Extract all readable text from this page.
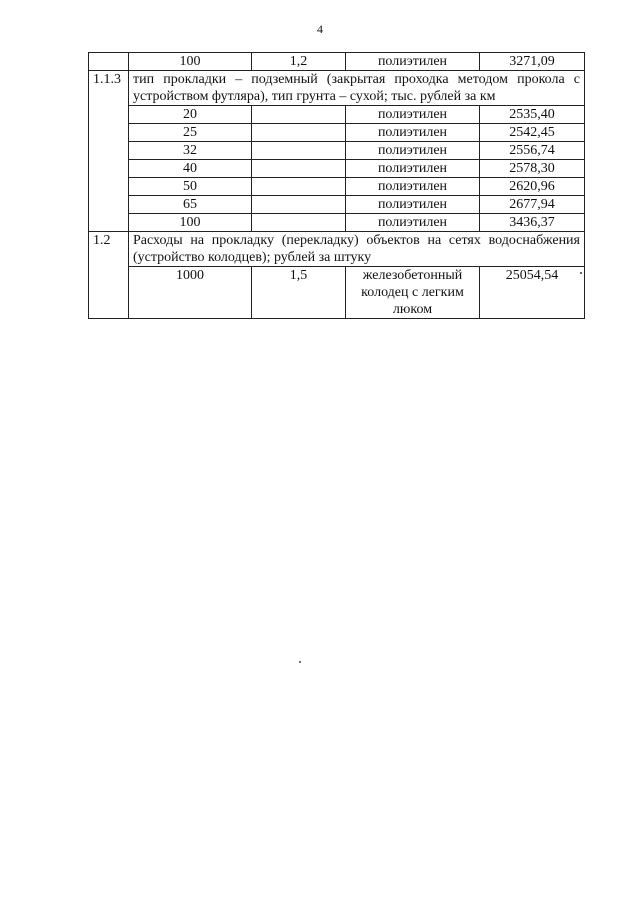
4
	100	1,2	полиэтилен	3271,09
1.1.3	тип прокладки – подземный (закрытая проходка методом прокола с устройством футляра), тип грунта – сухой; тыс. рублей за км			
	20		полиэтилен	2535,40
	25		полиэтилен	2542,45
	32		полиэтилен	2556,74
	40		полиэтилен	2578,30
	50		полиэтилен	2620,96
	65		полиэтилен	2677,94
	100		полиэтилен	3436,37
1.2	Расходы на прокладку (перекладку) объектов на сетях водоснабжения (устройство колодцев); рублей за штуку			
	1000	1,5	железобетонный колодец с легким люком	25054,54
